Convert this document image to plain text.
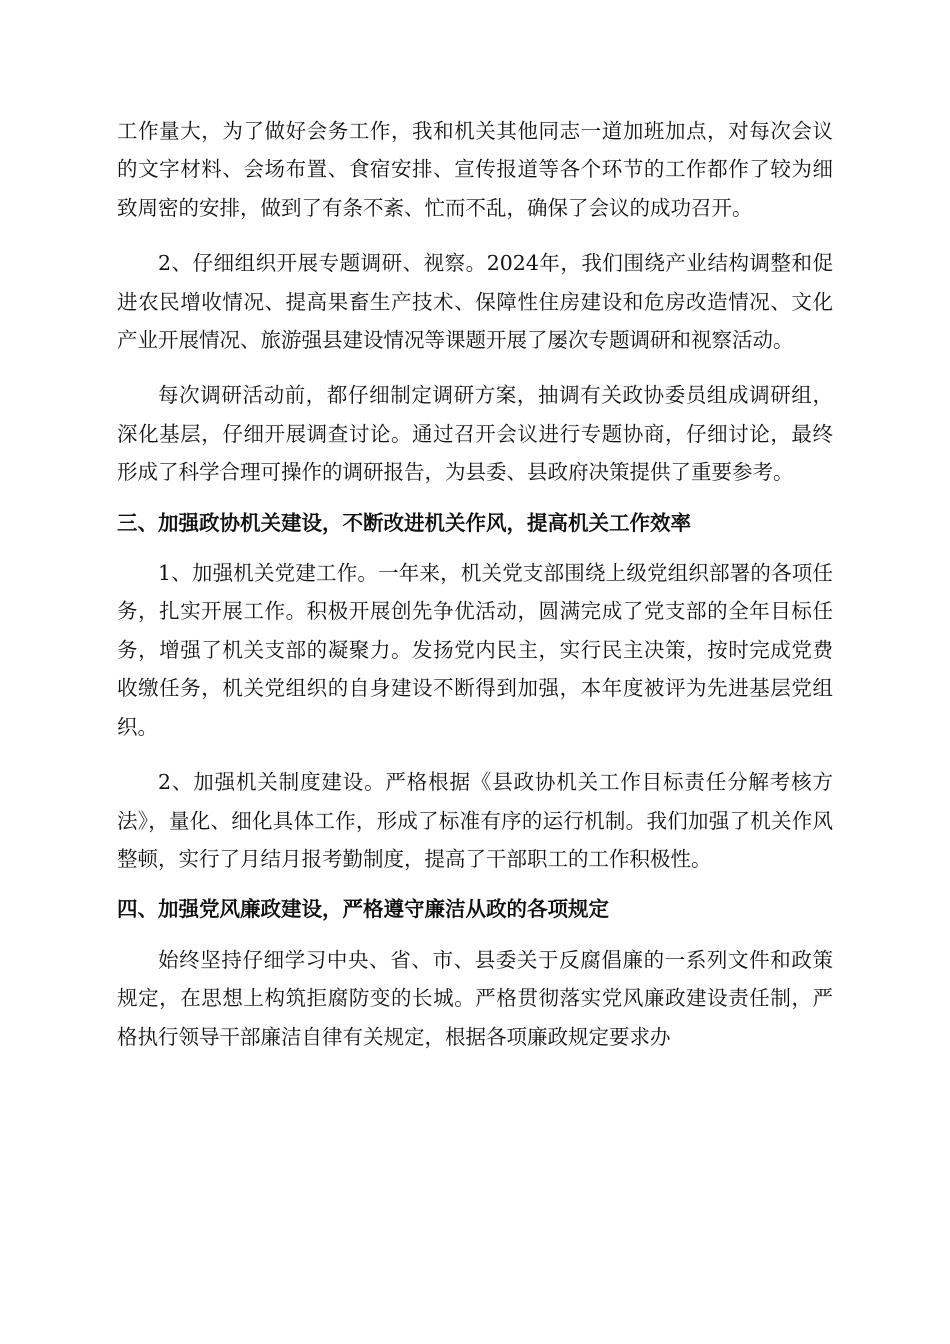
工作量大，为了做好会务工作，我和机关其他同志一道加班加点，对每次会议的文字材料、会场布置、食宿安排、宣传报道等各个环节的工作都作了较为细致周密的安排，做到了有条不紊、忙而不乱，确保了会议的成功召开。

2、仔细组织开展专题调研、视察。2024年，我们围绕产业结构调整和促进农民增收情况、提高果畜生产技术、保障性住房建设和危房改造情况、文化产业开展情况、旅游强县建设情况等课题开展了屡次专题调研和视察活动。

每次调研活动前，都仔细制定调研方案，抽调有关政协委员组成调研组，深化基层，仔细开展调查讨论。通过召开会议进行专题协商，仔细讨论，最终形成了科学合理可操作的调研报告，为县委、县政府决策提供了重要参考。

三、加强政协机关建设，不断改进机关作风，提高机关工作效率

1、加强机关党建工作。一年来，机关党支部围绕上级党组织部署的各项任务，扎实开展工作。积极开展创先争优活动，圆满完成了党支部的全年目标任务，增强了机关支部的凝聚力。发扬党内民主，实行民主决策，按时完成党费收缴任务，机关党组织的自身建设不断得到加强，本年度被评为先进基层党组织。

2、加强机关制度建设。严格根据《县政协机关工作目标责任分解考核方法》，量化、细化具体工作，形成了标准有序的运行机制。我们加强了机关作风整顿，实行了月结月报考勤制度，提高了干部职工的工作积极性。

四、加强党风廉政建设，严格遵守廉洁从政的各项规定

始终坚持仔细学习中央、省、市、县委关于反腐倡廉的一系列文件和政策规定，在思想上构筑拒腐防变的长城。严格贯彻落实党风廉政建设责任制，严格执行领导干部廉洁自律有关规定，根据各项廉政规定要求办
